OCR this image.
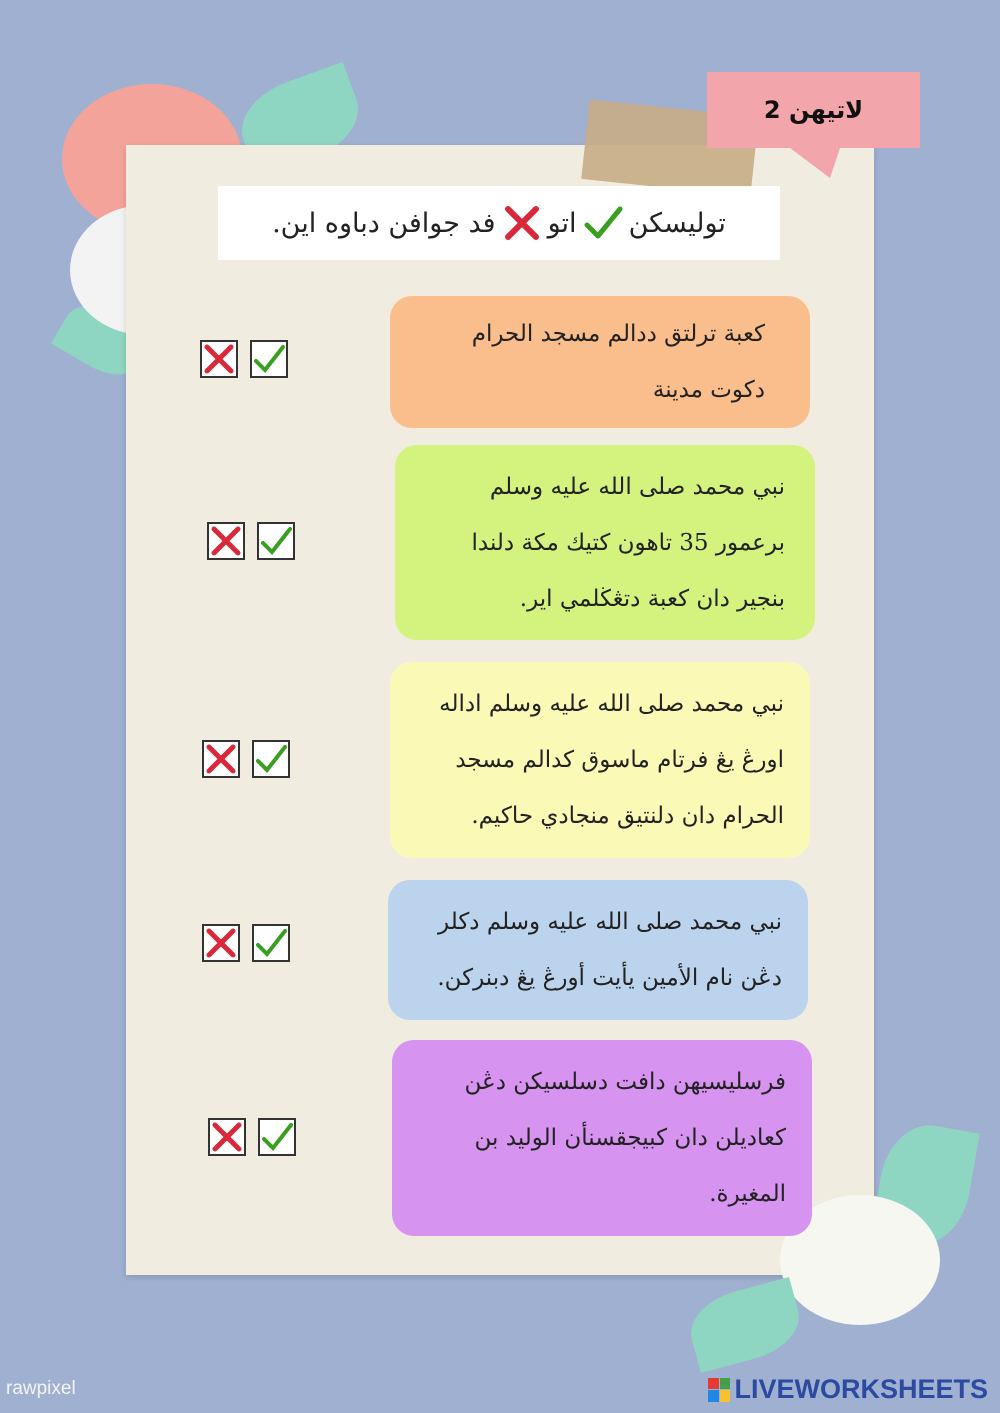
لاتيهن 2
توليسكن
اتو
فد جوافن دباوه اين.
كعبة ترلتق ددالم مسجد الحرام دكوت مدينة
نبي محمد صلى الله عليه وسلم برعمور 35 تاهون كتيك مكة دلندا بنجير دان كعبة دتڠڬلمي اير.
نبي محمد صلى الله عليه وسلم اداله اورڠ يڠ فرتام ماسوق كدالم مسجد الحرام دان دلنتيق منجادي حاكيم.
نبي محمد صلى الله عليه وسلم دكلر دڠن نام الأمين يأيت أورڠ يڠ دبنركن.
فرسليسيهن دافت دسلسيكن دڠن كعاديلن دان كبيجقسنأن الوليد بن المغيرة.
rawpixel	LIVEWORKSHEETS
